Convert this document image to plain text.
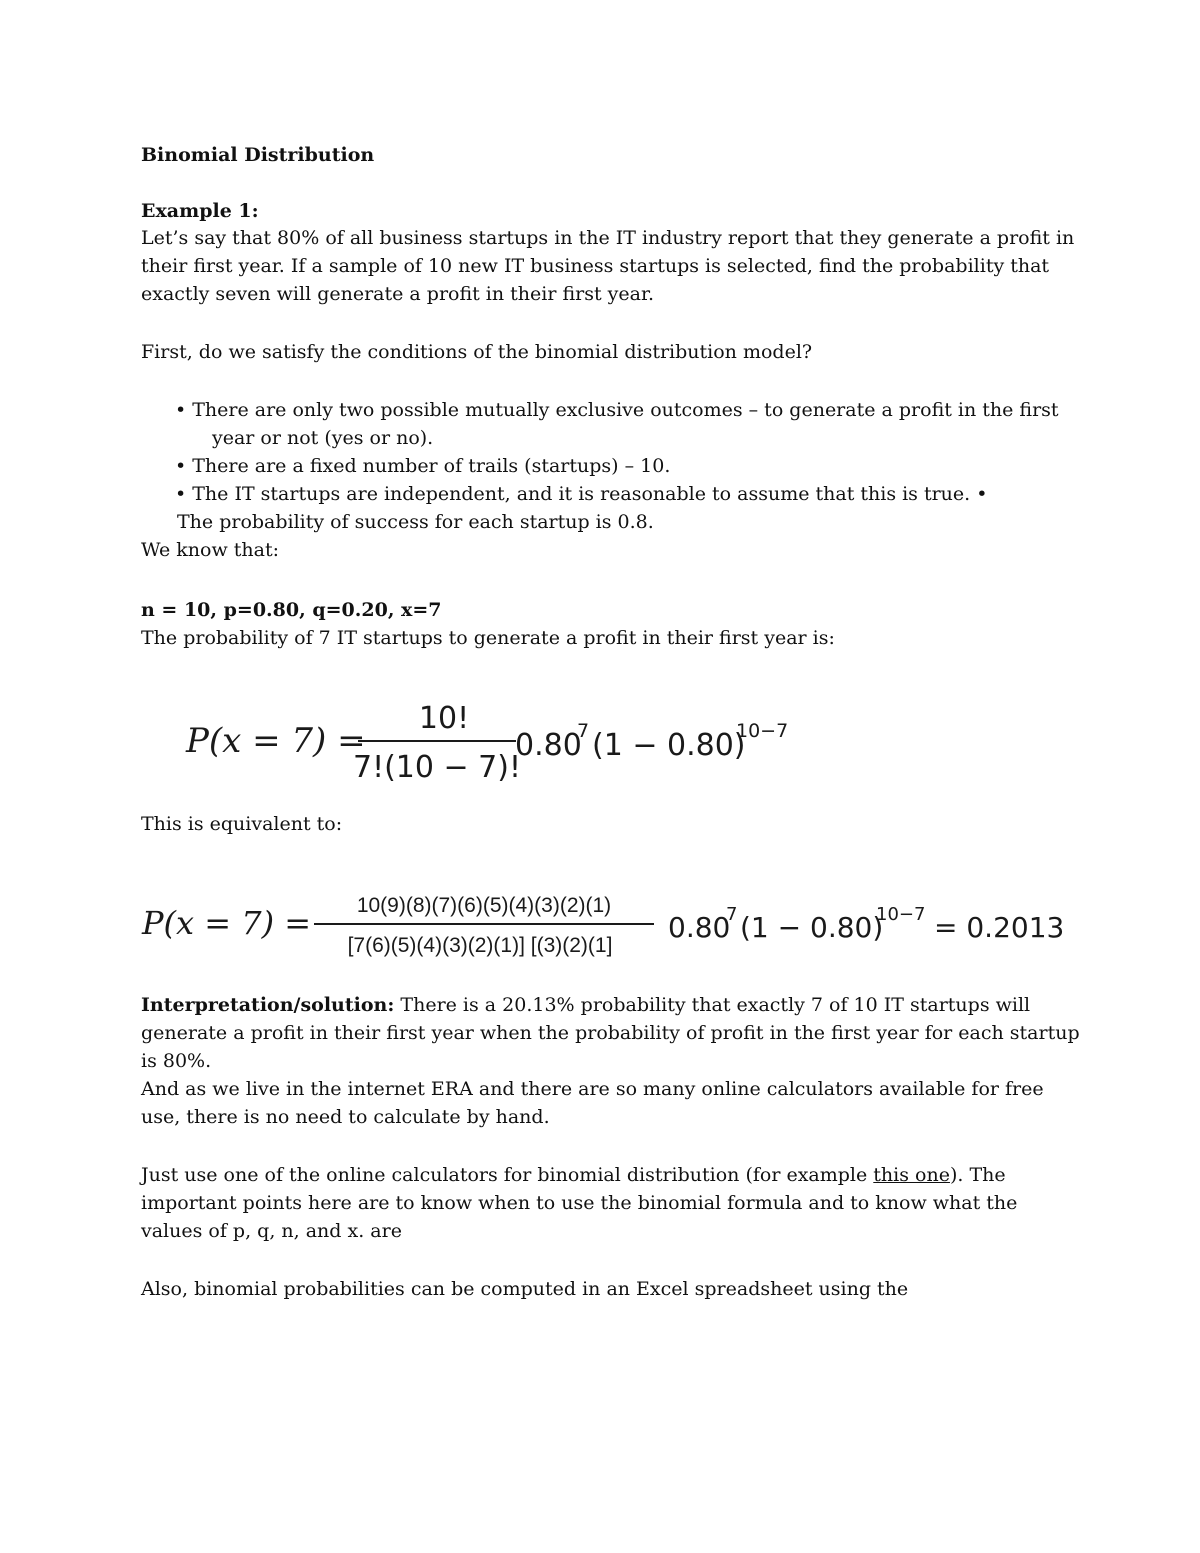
Binomial Distribution
Example 1:
Let’s say that 80% of all business startups in the IT industry report that they generate a profit in
their first year. If a sample of 10 new IT business startups is selected, find the probability that
exactly seven will generate a profit in their first year.
First, do we satisfy the conditions of the binomial distribution model?
• There are only two possible mutually exclusive outcomes – to generate a profit in the first
year or not (yes or no).
• There are a fixed number of trails (startups) – 10.
• The IT startups are independent, and it is reasonable to assume that this is true. •
The probability of success for each startup is 0.8.
We know that:
n = 10, p=0.80, q=0.20, x=7
The probability of 7 IT startups to generate a profit in their first year is:
P(x = 7) =
10!
7!(10 − 7)!
0.80
7 (1 − 0.80)
10−7
This is equivalent to:
P(x = 7) = 10(9)(8)(7)(6)(5)(4)(3)(2)(1)
[7(6)(5)(4)(3)(2)(1)] [(3)(2)(1]
0.80
7 (1 − 0.80)
10−7 = 0.2013
Interpretation/solution: There is a 20.13% probability that exactly 7 of 10 IT startups will
generate a profit in their first year when the probability of profit in the first year for each startup
is 80%.
And as we live in the internet ERA and there are so many online calculators available for free
use, there is no need to calculate by hand.
Just use one of the online calculators for binomial distribution (for example this one). The
important points here are to know when to use the binomial formula and to know what the
values of p, q, n, and x. are
Also, binomial probabilities can be computed in an Excel spreadsheet using the
